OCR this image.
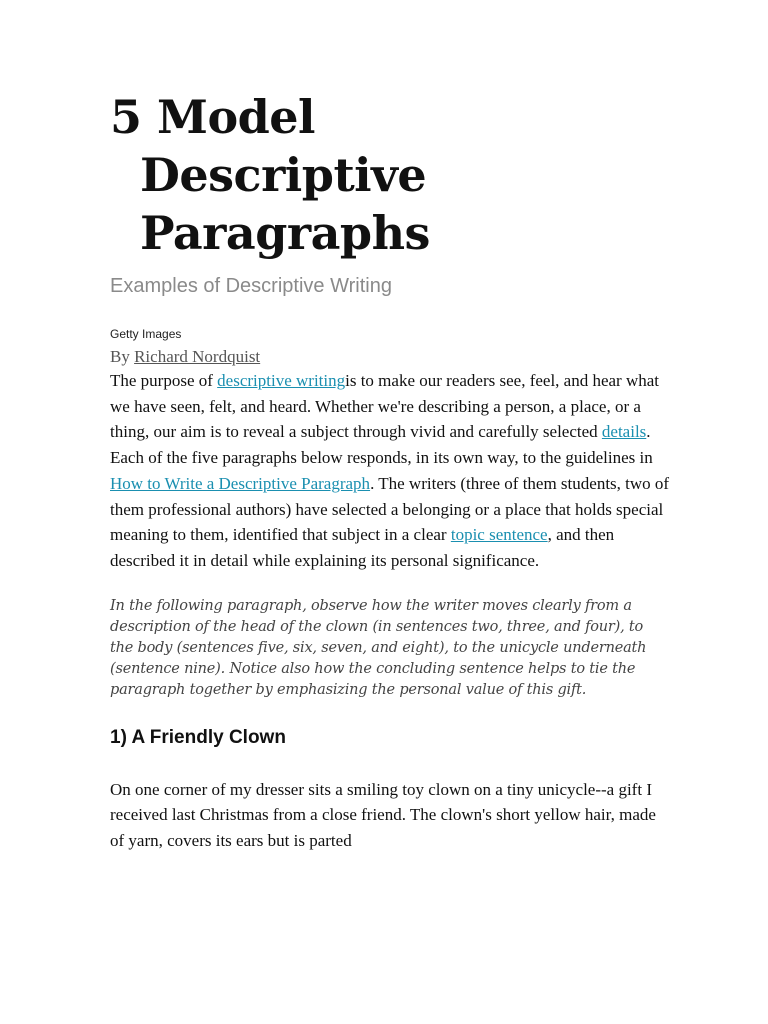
5 Model Descriptive Paragraphs

Examples of Descriptive Writing

Getty Images

By Richard Nordquist

The purpose of descriptive writingis to make our readers see, feel, and hear what we have seen, felt, and heard. Whether we're describing a person, a place, or a thing, our aim is to reveal a subject through vivid and carefully selected details.

Each of the five paragraphs below responds, in its own way, to the guidelines in How to Write a Descriptive Paragraph. The writers (three of them students, two of them professional authors) have selected a belonging or a place that holds special meaning to them, identified that subject in a clear topic sentence, and then described it in detail while explaining its personal significance.

In the following paragraph, observe how the writer moves clearly from a description of the head of the clown (in sentences two, three, and four), to the body (sentences five, six, seven, and eight), to the unicycle underneath (sentence nine). Notice also how the concluding sentence helps to tie the paragraph together by emphasizing the personal value of this gift.

1) A Friendly Clown

On one corner of my dresser sits a smiling toy clown on a tiny unicycle--a gift I received last Christmas from a close friend. The clown's short yellow hair, made of yarn, covers its ears but is parted
